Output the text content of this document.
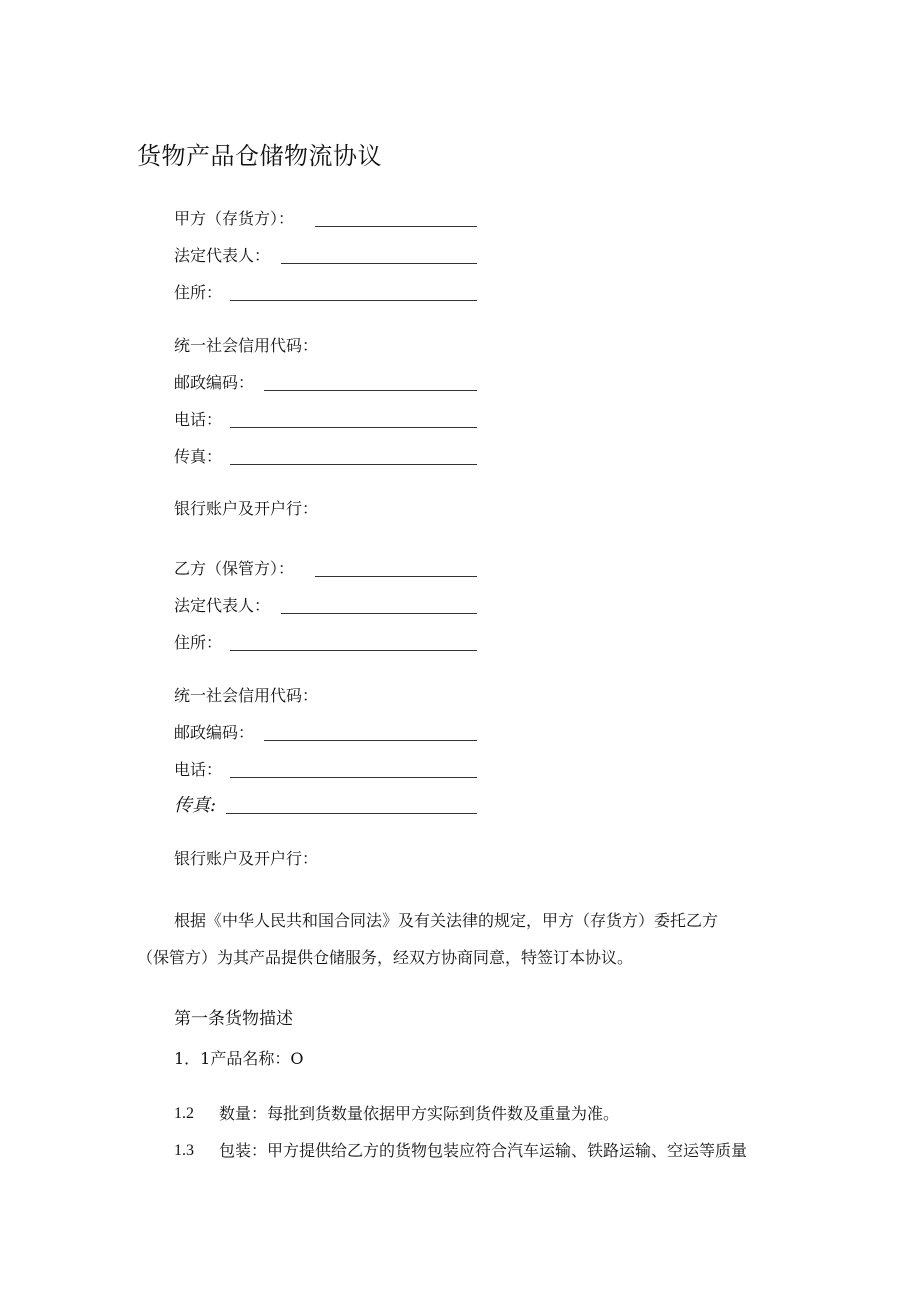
货物产品仓储物流协议
甲方（存货方）：
法定代表人：
住所：
统一社会信用代码：
邮政编码：
电话：
传真：
银行账户及开户行：
乙方（保管方）：
法定代表人：
住所：
统一社会信用代码：
邮政编码：
电话：
传真:
银行账户及开户行：
根据《中华人民共和国合同法》及有关法律的规定，甲方（存货方）委托乙方
（保管方）为其产品提供仓储服务，经双方协商同意，特签订本协议。
第一条货物描述
1．1产品名称：O
1.2 数量：每批到货数量依据甲方实际到货件数及重量为准。
1.3 包装：甲方提供给乙方的货物包装应符合汽车运输、铁路运输、空运等质量
